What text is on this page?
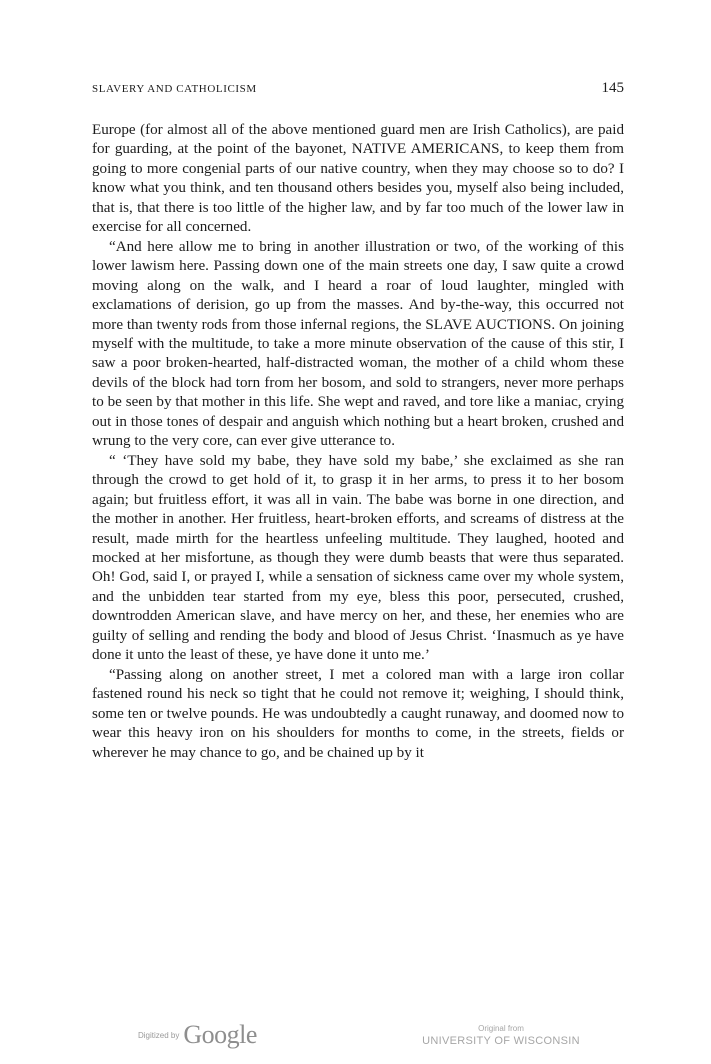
SLAVERY AND CATHOLICISM	145

Europe (for almost all of the above mentioned guard men are Irish Catholics), are paid for guarding, at the point of the bayonet, NATIVE AMERICANS, to keep them from going to more congenial parts of our native country, when they may choose so to do? I know what you think, and ten thousand others besides you, myself also being included, that is, that there is too little of the higher law, and by far too much of the lower law in exercise for all concerned.

“And here allow me to bring in another illustration or two, of the working of this lower lawism here. Passing down one of the main streets one day, I saw quite a crowd moving along on the walk, and I heard a roar of loud laughter, mingled with exclamations of derision, go up from the masses. And by-the-way, this occurred not more than twenty rods from those infernal regions, the SLAVE AUCTIONS. On joining myself with the multitude, to take a more minute observation of the cause of this stir, I saw a poor broken-hearted, half-distracted woman, the mother of a child whom these devils of the block had torn from her bosom, and sold to strangers, never more perhaps to be seen by that mother in this life. She wept and raved, and tore like a maniac, crying out in those tones of despair and anguish which nothing but a heart broken, crushed and wrung to the very core, can ever give utterance to.

“ ‘They have sold my babe, they have sold my babe,’ she exclaimed as she ran through the crowd to get hold of it, to grasp it in her arms, to press it to her bosom again; but fruitless effort, it was all in vain. The babe was borne in one direction, and the mother in another. Her fruitless, heart-broken efforts, and screams of distress at the result, made mirth for the heartless unfeeling multitude. They laughed, hooted and mocked at her misfortune, as though they were dumb beasts that were thus separated. Oh! God, said I, or prayed I, while a sensation of sickness came over my whole system, and the unbidden tear started from my eye, bless this poor, persecuted, crushed, downtrodden American slave, and have mercy on her, and these, her enemies who are guilty of selling and rending the body and blood of Jesus Christ. ‘Inasmuch as ye have done it unto the least of these, ye have done it unto me.’

“Passing along on another street, I met a colored man with a large iron collar fastened round his neck so tight that he could not remove it; weighing, I should think, some ten or twelve pounds. He was undoubtedly a caught runaway, and doomed now to wear this heavy iron on his shoulders for months to come, in the streets, fields or wherever he may chance to go, and be chained up by it

Digitized by Google	Original from
UNIVERSITY OF WISCONSIN
